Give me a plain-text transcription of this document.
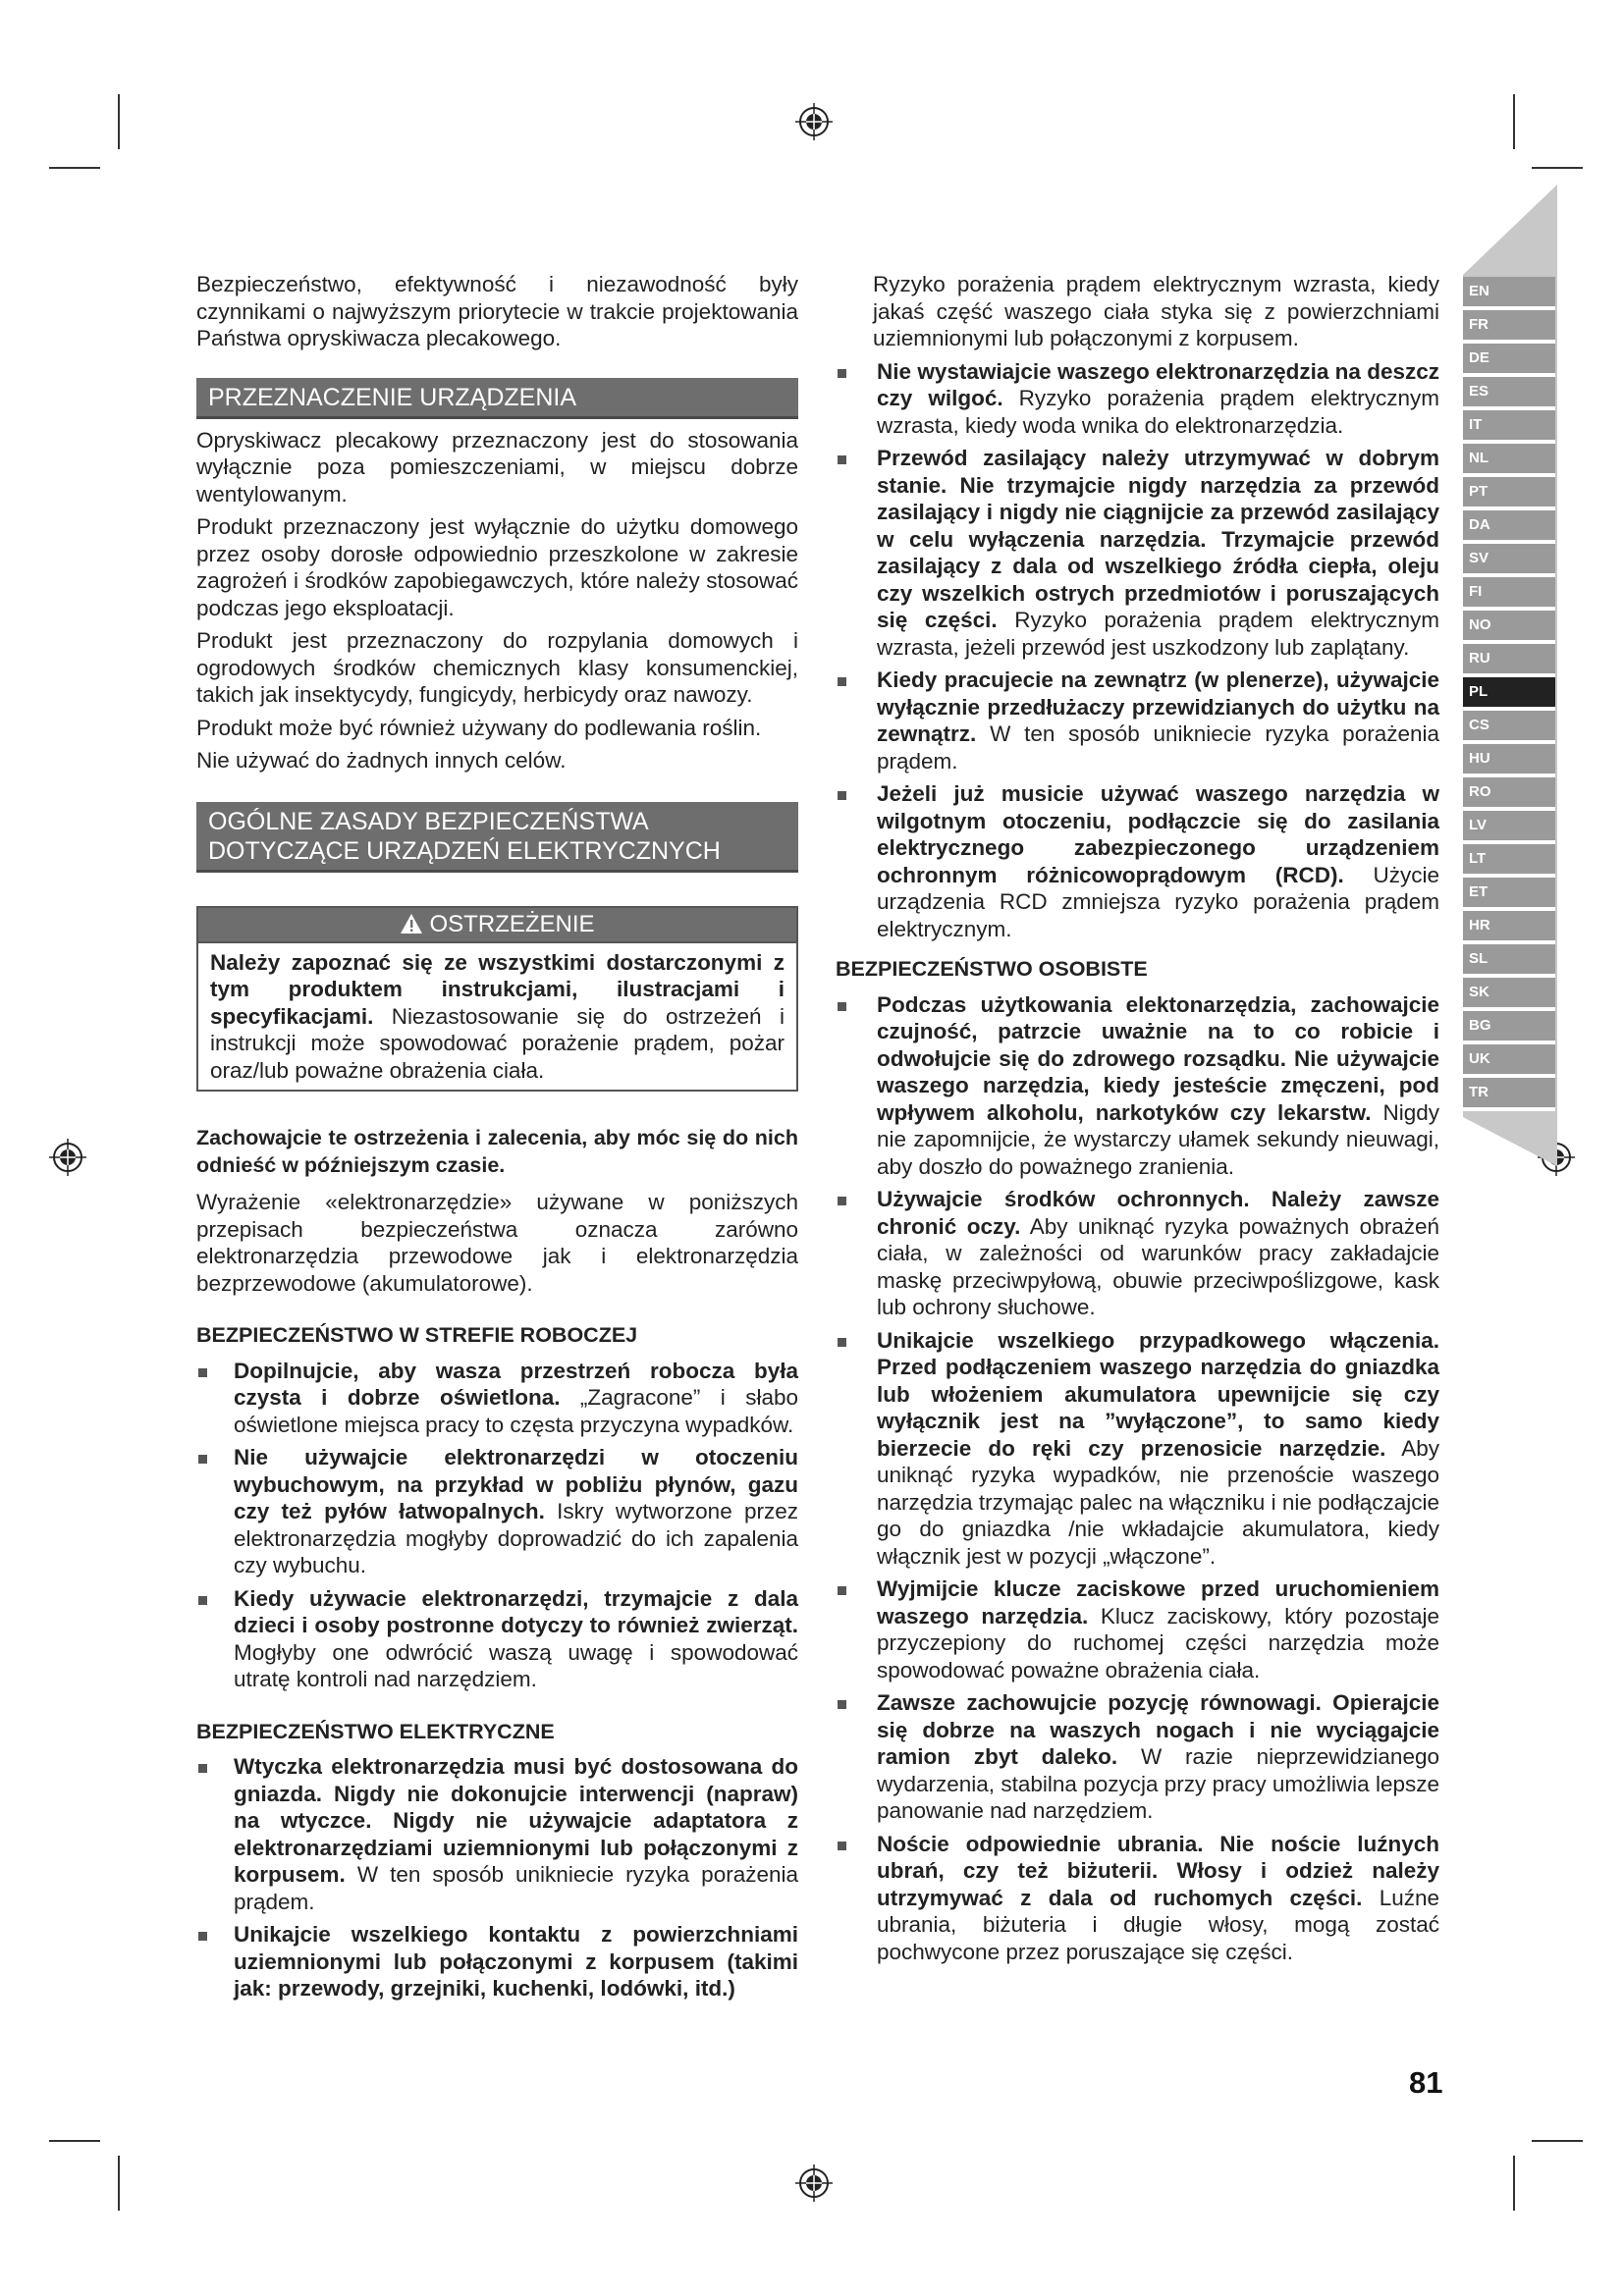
EN
FR
DE
ES
IT
NL
PT
DA
SV
FI
NO
RU
PL
CS
HU
RO
LV
LT
ET
HR
SL
SK
BG
UK
TR

Bezpieczeństwo, efektywność i niezawodność były czynnikami o najwyższym priorytecie w trakcie projektowania Państwa opryskiwacza plecakowego.

PRZEZNACZENIE URZĄDZENIA

Opryskiwacz plecakowy przeznaczony jest do stosowania wyłącznie poza pomieszczeniami, w miejscu dobrze wentylowanym.

Produkt przeznaczony jest wyłącznie do użytku domowego przez osoby dorosłe odpowiednio przeszkolone w zakresie zagrożeń i środków zapobiegawczych, które należy stosować podczas jego eksploatacji.

Produkt jest przeznaczony do rozpylania domowych i ogrodowych środków chemicznych klasy konsumenckiej, takich jak insektycydy, fungicydy, herbicydy oraz nawozy.

Produkt może być również używany do podlewania roślin.

Nie używać do żadnych innych celów.

OGÓLNE ZASADY BEZPIECZEŃSTWA
DOTYCZĄCE URZĄDZEŃ ELEKTRYCZNYCH
OSTRZEŻENIE
Należy zapoznać się ze wszystkimi dostarczonymi z tym produktem instrukcjami, ilustracjami i specyfikacjami. Niezastosowanie się do ostrzeżeń i instrukcji może spowodować porażenie prądem, pożar oraz/lub poważne obrażenia ciała.

Zachowajcie te ostrzeżenia i zalecenia, aby móc się do nich odnieść w późniejszym czasie.

Wyrażenie «elektronarzędzie» używane w poniższych przepisach bezpieczeństwa oznacza zarówno elektronarzędzia przewodowe jak i elektronarzędzia bezprzewodowe (akumulatorowe).

BEZPIECZEŃSTWO W STREFIE ROBOCZEJ
Dopilnujcie, aby wasza przestrzeń robocza była czysta i dobrze oświetlona. „Zagracone” i słabo oświetlone miejsca pracy to częsta przyczyna wypadków.
Nie używajcie elektronarzędzi w otoczeniu wybuchowym, na przykład w pobliżu płynów, gazu czy też pyłów łatwopalnych. Iskry wytworzone przez elektronarzędzia mogłyby doprowadzić do ich zapalenia czy wybuchu.
Kiedy używacie elektronarzędzi, trzymajcie z dala dzieci i osoby postronne dotyczy to również zwierząt. Mogłyby one odwrócić waszą uwagę i spowodować utratę kontroli nad narzędziem.
BEZPIECZEŃSTWO ELEKTRYCZNE
Wtyczka elektronarzędzia musi być dostosowana do gniazda. Nigdy nie dokonujcie interwencji (napraw) na wtyczce. Nigdy nie używajcie adaptatora z elektronarzędziami uziemnionymi lub połączonymi z korpusem. W ten sposób unikniecie ryzyka porażenia prądem.
Unikajcie wszelkiego kontaktu z powierzchniami uziemnionymi lub połączonymi z korpusem (takimi jak: przewody, grzejniki, kuchenki, lodówki, itd.)

Ryzyko porażenia prądem elektrycznym wzrasta, kiedy jakaś część waszego ciała styka się z powierzchniami uziemnionymi lub połączonymi z korpusem.

Nie wystawiajcie waszego elektronarzędzia na deszcz czy wilgoć. Ryzyko porażenia prądem elektrycznym wzrasta, kiedy woda wnika do elektronarzędzia.
Przewód zasilający należy utrzymywać w dobrym stanie. Nie trzymajcie nigdy narzędzia za przewód zasilający i nigdy nie ciągnijcie za przewód zasilający w celu wyłączenia narzędzia. Trzymajcie przewód zasilający z dala od wszelkiego źródła ciepła, oleju czy wszelkich ostrych przedmiotów i poruszających się części. Ryzyko porażenia prądem elektrycznym wzrasta, jeżeli przewód jest uszkodzony lub zaplątany.
Kiedy pracujecie na zewnątrz (w plenerze), używajcie wyłącznie przedłużaczy przewidzianych do użytku na zewnątrz. W ten sposób unikniecie ryzyka porażenia prądem.
Jeżeli już musicie używać waszego narzędzia w wilgotnym otoczeniu, podłączcie się do zasilania elektrycznego zabezpieczonego urządzeniem ochronnym różnicowoprądowym (RCD). Użycie urządzenia RCD zmniejsza ryzyko porażenia prądem elektrycznym.
BEZPIECZEŃSTWO OSOBISTE
Podczas użytkowania elektonarzędzia, zachowajcie czujność, patrzcie uważnie na to co robicie i odwołujcie się do zdrowego rozsądku. Nie używajcie waszego narzędzia, kiedy jesteście zmęczeni, pod wpływem alkoholu, narkotyków czy lekarstw. Nigdy nie zapomnijcie, że wystarczy ułamek sekundy nieuwagi, aby doszło do poważnego zranienia.
Używajcie środków ochronnych. Należy zawsze chronić oczy. Aby uniknąć ryzyka poważnych obrażeń ciała, w zależności od warunków pracy zakładajcie maskę przeciwpyłową, obuwie przeciwpoślizgowe, kask lub ochrony słuchowe.
Unikajcie wszelkiego przypadkowego włączenia. Przed podłączeniem waszego narzędzia do gniazdka lub włożeniem akumulatora upewnijcie się czy wyłącznik jest na ”wyłączone”, to samo kiedy bierzecie do ręki czy przenosicie narzędzie. Aby uniknąć ryzyka wypadków, nie przenoście waszego narzędzia trzymając palec na włączniku i nie podłączajcie go do gniazdka /nie wkładajcie akumulatora, kiedy włącznik jest w pozycji „włączone”.
Wyjmijcie klucze zaciskowe przed uruchomieniem waszego narzędzia. Klucz zaciskowy, który pozostaje przyczepiony do ruchomej części narzędzia może spowodować poważne obrażenia ciała.
Zawsze zachowujcie pozycję równowagi. Opierajcie się dobrze na waszych nogach i nie wyciągajcie ramion zbyt daleko. W razie nieprzewidzianego wydarzenia, stabilna pozycja przy pracy umożliwia lepsze panowanie nad narzędziem.
Noście odpowiednie ubrania. Nie noście luźnych ubrań, czy też biżuterii. Włosy i odzież należy utrzymywać z dala od ruchomych części. Luźne ubrania, biżuteria i długie włosy, mogą zostać pochwycone przez poruszające się części.
81
